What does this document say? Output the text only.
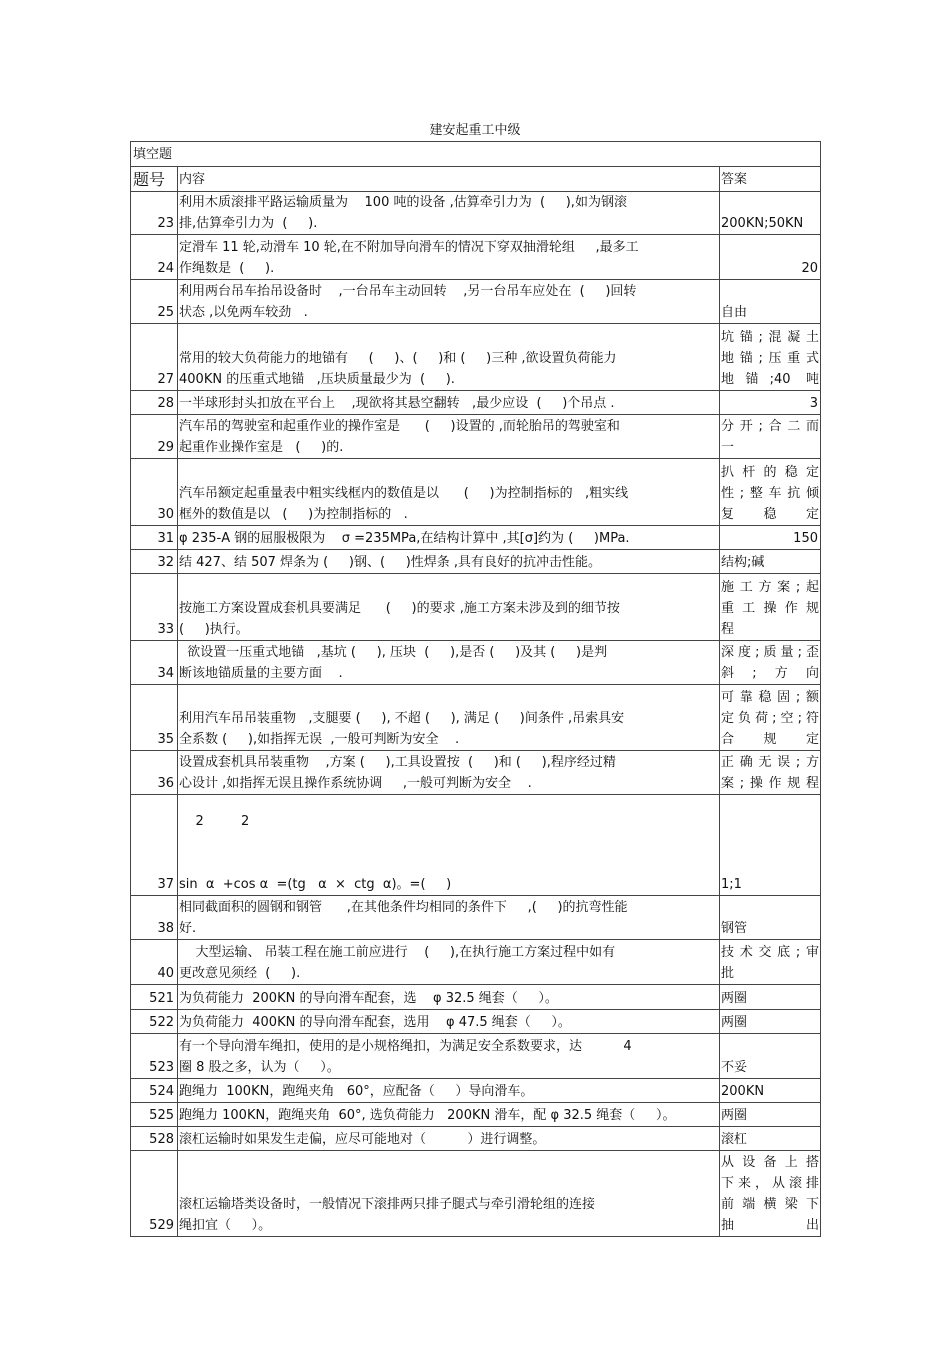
建安起重工中级
填空题		
题号	内容	答案
23	利用木质滚排平路运输质量为    100 吨的设备 ,估算牵引力为  (     ),如为钢滚
排,估算牵引力为  (     ).	200KN;50KN
24	定滑车 11 轮,动滑车 10 轮,在不附加导向滑车的情况下穿双抽滑轮组     ,最多工
作绳数是  (     ).	20
25	利用两台吊车抬吊设备时    ,一台吊车主动回转    ,另一台吊车应处在  (     )回转
状态 ,以免两车较劲   .	自由
27	常用的较大负荷能力的地锚有     (     )、(     )和 (     )三种 ,欲设置负荷能力
400KN 的压重式地锚   ,压块质量最少为  (     ).	坑锚;混凝土
地锚;压重式
地锚;40 吨
28	一半球形封头扣放在平台上    ,现欲将其悬空翻转   ,最少应设  (     )个吊点 .	3
29	汽车吊的驾驶室和起重作业的操作室是      (     )设置的 ,而轮胎吊的驾驶室和
起重作业操作室是   (     )的.	分开;合二而
一
30	汽车吊额定起重量表中粗实线框内的数值是以      (     )为控制指标的   ,粗实线
框外的数值是以   (     )为控制指标的   .	扒杆的稳定
性;整车抗倾
复稳定
31	φ 235-A 钢的屈服极限为    σ =235MPa,在结构计算中 ,其[σ]约为 (     )MPa.	150
32	结 427、结 507 焊条为 (     )钢、(     )性焊条 ,具有良好的抗冲击性能。	结构;碱
33	按施工方案设置成套机具要满足      (     )的要求 ,施工方案未涉及到的细节按
(     )执行。	施工方案;起
重工操作规
程
34	欲设置一压重式地锚   ,基坑 (     ), 压块  (     ),是否 (     )及其 (     )是判
断该地锚质量的主要方面    .	深度;质量;歪
斜;方向
35	利用汽车吊吊装重物   ,支腿要 (     ), 不超 (     ), 满足 (     )间条件 ,吊索具安
全系数 (     ),如指挥无误  ,一般可判断为安全    .	可靠稳固;额
定负荷;空;符
合规定
36	设置成套机具吊装重物    ,方案 (     ),工具设置按  (     )和 (     ),程序经过精
心设计 ,如指挥无误且操作系统协调     ,一般可判断为安全    .	正确无误;方
案;操作规程
37	2         2

sin  α  +cos α  =(tg   α  ×  ctg  α)。=(     )	1;1
38	相同截面积的圆钢和钢管      ,在其他条件均相同的条件下     ,(     )的抗弯性能
好.	钢管
40	大型运输、 吊装工程在施工前应进行    (     ),在执行施工方案过程中如有
更改意见须经  (     ).	技术交底;审
批
521	为负荷能力  200KN 的导向滑车配套，选    φ 32.5 绳套（     ）。	两圈
522	为负荷能力  400KN 的导向滑车配套，选用    φ 47.5 绳套（     ）。	两圈
523	有一个导向滑车绳扣，使用的是小规格绳扣，为满足安全系数要求，达          4
圈 8 股之多，认为（     ）。	不妥
524	跑绳力  100KN，跑绳夹角   60°，应配备（     ）导向滑车。	200KN
525	跑绳力 100KN，跑绳夹角  60°, 选负荷能力   200KN 滑车，配 φ 32.5 绳套（     ）。	两圈
528	滚杠运输时如果发生走偏，应尽可能地对（          ）进行调整。	滚杠
529	滚杠运输塔类设备时，一般情况下滚排两只排子腿式与牵引滑轮组的连接
绳扣宜（     ）。	从设备上搭
下来，从滚排
前端横梁下
抽出
